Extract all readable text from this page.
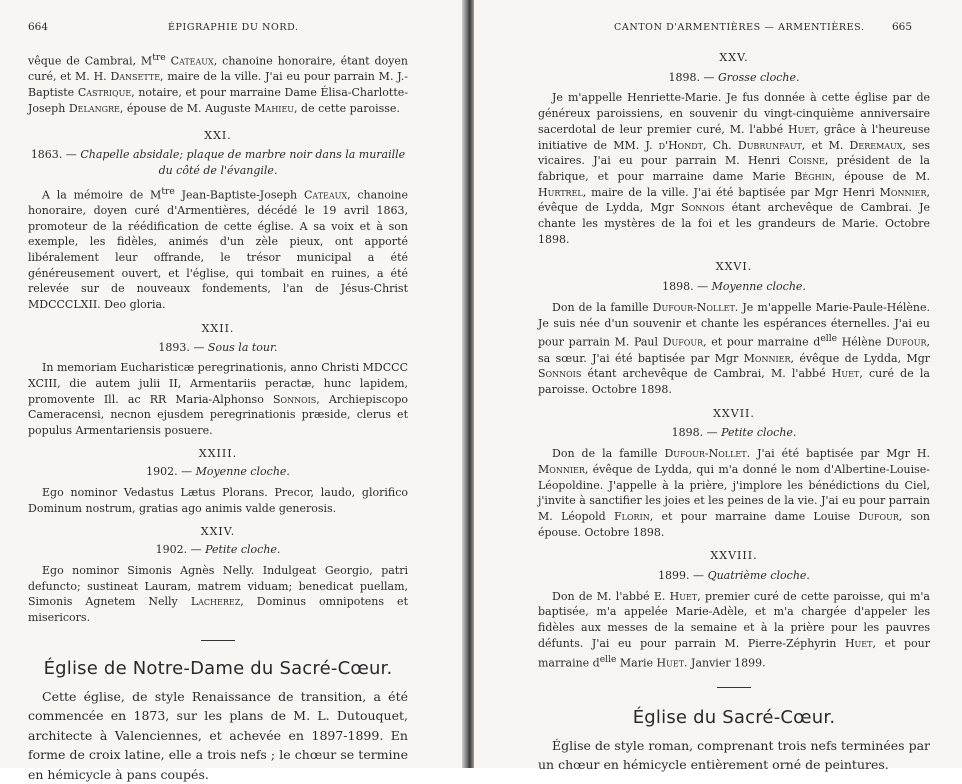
664	ÉPIGRAPHIE DU NORD.

vêque de Cambrai, $M^{tre}$ Cateaux, chanoine honoraire, étant doyen curé, et M. H. Dansette, maire de la ville. J'ai eu pour parrain M. J.-Baptiste Castrique, notaire, et pour marraine Dame Élisa-Charlotte-Joseph Delangre, épouse de M. Auguste Mahieu, de cette paroisse.

XXI.

1863. — Chapelle absidale; plaque de marbre noir dans la muraille du côté de l'évangile.

A la mémoire de $M^{tre}$ Jean-Baptiste-Joseph Cateaux, chanoine honoraire, doyen curé d'Armentières, décédé le 19 avril 1863, promoteur de la réédification de cette église. A sa voix et à son exemple, les fidèles, animés d'un zèle pieux, ont apporté libéralement leur offrande, le trésor municipal a été généreusement ouvert, et l'église, qui tombait en ruines, a été relevée sur de nouveaux fondements, l'an de Jésus-Christ MDCCCLXII. Deo gloria.

XXII.

1893. — Sous la tour.

In memoriam Eucharisticæ peregrinationis, anno Christi MDCCC XCIII, die autem julii II, Armentariis peractæ, hunc lapidem, promovente Ill. ac RR Maria-Alphonso Sonnois, Archiepiscopo Cameracensi, necnon ejusdem peregrinationis præside, clerus et populus Armentariensis posuere.

XXIII.

1902. — Moyenne cloche.

Ego nominor Vedastus Lætus Plorans. Precor, laudo, glorifico Dominum nostrum, gratias ago animis valde generosis.

XXIV.

1902. — Petite cloche.

Ego nominor Simonis Agnès Nelly. Indulgeat Georgio, patri defuncto; sustineat Lauram, matrem viduam; benedicat puellam, Simonis Agnetem Nelly Lacherez, Dominus omnipotens et misericors.

Église de Notre-Dame du Sacré-Cœur.

Cette église, de style Renaissance de transition, a été commencée en 1873, sur les plans de M. L. Dutouquet, architecte à Valenciennes, et achevée en 1897-1899. En forme de croix latine, elle a trois nefs ; le chœur se termine en hémicycle à pans coupés.

CANTON D'ARMENTIÈRES — ARMENTIÈRES.	665
XXV.

1898. — Grosse cloche.

Je m'appelle Henriette-Marie. Je fus donnée à cette église par de généreux paroissiens, en souvenir du vingt-cinquième anniversaire sacerdotal de leur premier curé, M. l'abbé Huet, grâce à l'heureuse initiative de MM. J. d'Hondt, Ch. Dubrunfaut, et M. Deremaux, ses vicaires. J'ai eu pour parrain M. Henri Coisne, président de la fabrique, et pour marraine dame Marie Béghin, épouse de M. Hurtrel, maire de la ville. J'ai été baptisée par Mgr Henri Monnier, évêque de Lydda, Mgr Sonnois étant archevêque de Cambrai. Je chante les mystères de la foi et les grandeurs de Marie. Octobre 1898.

XXVI.

1898. — Moyenne cloche.

Don de la famille Dufour-Nollet. Je m'appelle Marie-Paule-Hélène. Je suis née d'un souvenir et chante les espérances éternelles. J'ai eu pour parrain M. Paul Dufour, et pour marraine $d^{elle}$ Hélène Dufour, sa sœur. J'ai été baptisée par Mgr Monnier, évêque de Lydda, Mgr Sonnois étant archevêque de Cambrai, M. l'abbé Huet, curé de la paroisse. Octobre 1898.

XXVII.

1898. — Petite cloche.

Don de la famille Dufour-Nollet. J'ai été baptisée par Mgr H. Monnier, évêque de Lydda, qui m'a donné le nom d'Albertine-Louise-Léopoldine. J'appelle à la prière, j'implore les bénédictions du Ciel, j'invite à sanctifier les joies et les peines de la vie. J'ai eu pour parrain M. Léopold Florin, et pour marraine dame Louise Dufour, son épouse. Octobre 1898.

XXVIII.

1899. — Quatrième cloche.

Don de M. l'abbé E. Huet, premier curé de cette paroisse, qui m'a baptisée, m'a appelée Marie-Adèle, et m'a chargée d'appeler les fidèles aux messes de la semaine et à la prière pour les pauvres défunts. J'ai eu pour parrain M. Pierre-Zéphyrin Huet, et pour marraine $d^{elle}$ Marie Huet. Janvier 1899.

Église du Sacré-Cœur.

Église de style roman, comprenant trois nefs terminées par un chœur en hémicycle entièrement orné de peintures.
